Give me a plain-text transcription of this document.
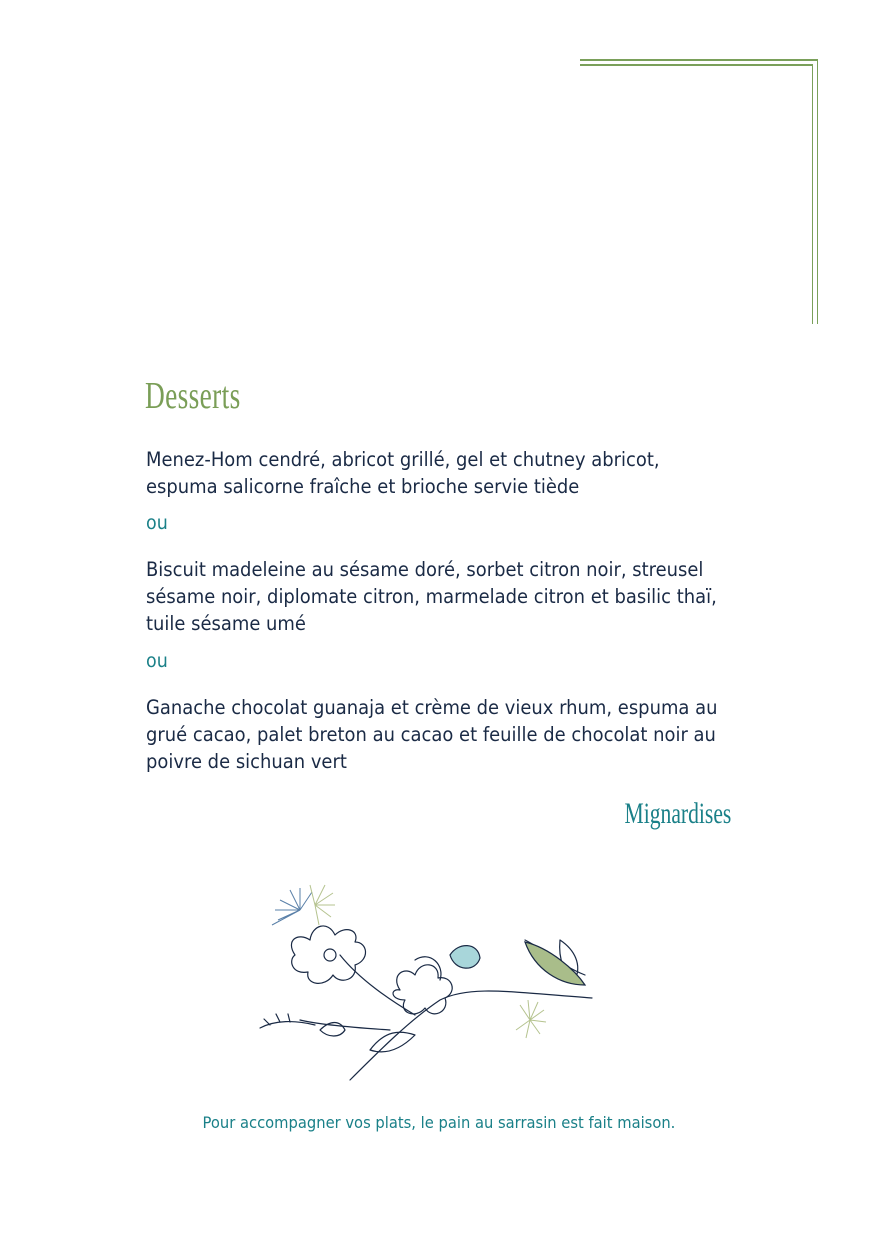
Desserts
Menez-Hom cendré, abricot grillé, gel et chutney abricot,
espuma salicorne fraîche et brioche servie tiède
ou
Biscuit madeleine au sésame doré, sorbet citron noir, streusel
sésame noir, diplomate citron, marmelade citron et basilic thaï,
tuile sésame umé
ou
Ganache chocolat guanaja et crème de vieux rhum, espuma au
grué cacao, palet breton au cacao et feuille de chocolat noir au
poivre de sichuan vert
Mignardises
Pour accompagner vos plats, le pain au sarrasin est fait maison.
